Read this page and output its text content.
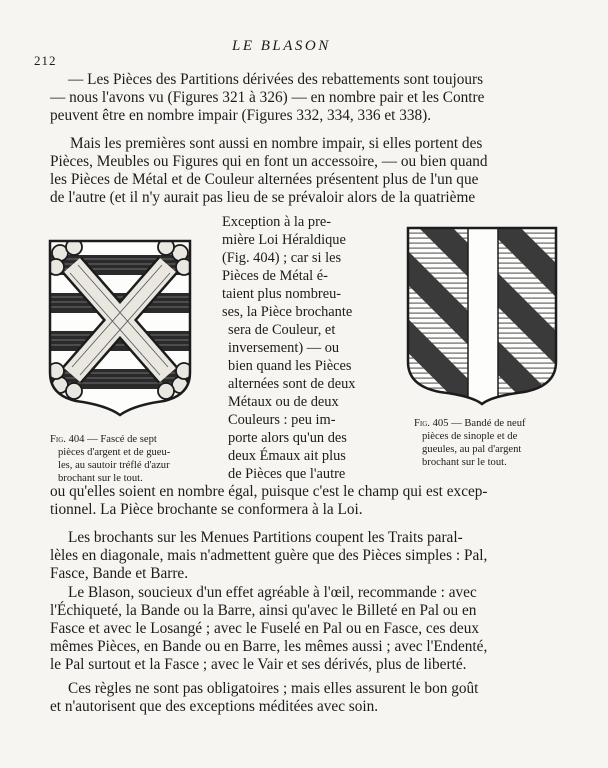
212
LE BLASON
— Les Pièces des Partitions dérivées des rebattements sont toujours
— nous l'avons vu (Figures 321 à 326) — en nombre pair et les Contre
peuvent être en nombre impair (Figures 332, 334, 336 et 338).
Mais les premières sont aussi en nombre impair, si elles portent des
Pièces, Meubles ou Figures qui en font un accessoire, — ou bien quand
les Pièces de Métal et de Couleur alternées présentent plus de l'un que
de l'autre (et il n'y aurait pas lieu de se prévaloir alors de la quatrième
Exception à la pre-
mière Loi Héraldique
(Fig. 404) ; car si les
Pièces de Métal é-
taient plus nombreu-
ses, la Pièce brochante
sera de Couleur, et
inversement) — ou
bien quand les Pièces
alternées sont de deux
Métaux ou de deux
Couleurs : peu im-
porte alors qu'un des
deux Émaux ait plus
de Pièces que l'autre
Fig. 404 — Fascé de sept
pièces d'argent et de gueu-
les, au sautoir tréflé d'azur
brochant sur le tout.
Fig. 405 — Bandé de neuf
pièces de sinople et de
gueules, au pal d'argent
brochant sur le tout.
ou qu'elles soient en nombre égal, puisque c'est le champ qui est excep-
tionnel. La Pièce brochante se conformera à la Loi.
Les brochants sur les Menues Partitions coupent les Traits paral-
lèles en diagonale, mais n'admettent guère que des Pièces simples : Pal,
Fasce, Bande et Barre.
Le Blason, soucieux d'un effet agréable à l'œil, recommande : avec
l'Échiqueté, la Bande ou la Barre, ainsi qu'avec le Billeté en Pal ou en
Fasce et avec le Losangé ; avec le Fuselé en Pal ou en Fasce, ces deux
mêmes Pièces, en Bande ou en Barre, les mêmes aussi ; avec l'Endenté,
le Pal surtout et la Fasce ; avec le Vair et ses dérivés, plus de liberté.
Ces règles ne sont pas obligatoires ; mais elles assurent le bon goût
et n'autorisent que des exceptions méditées avec soin.
